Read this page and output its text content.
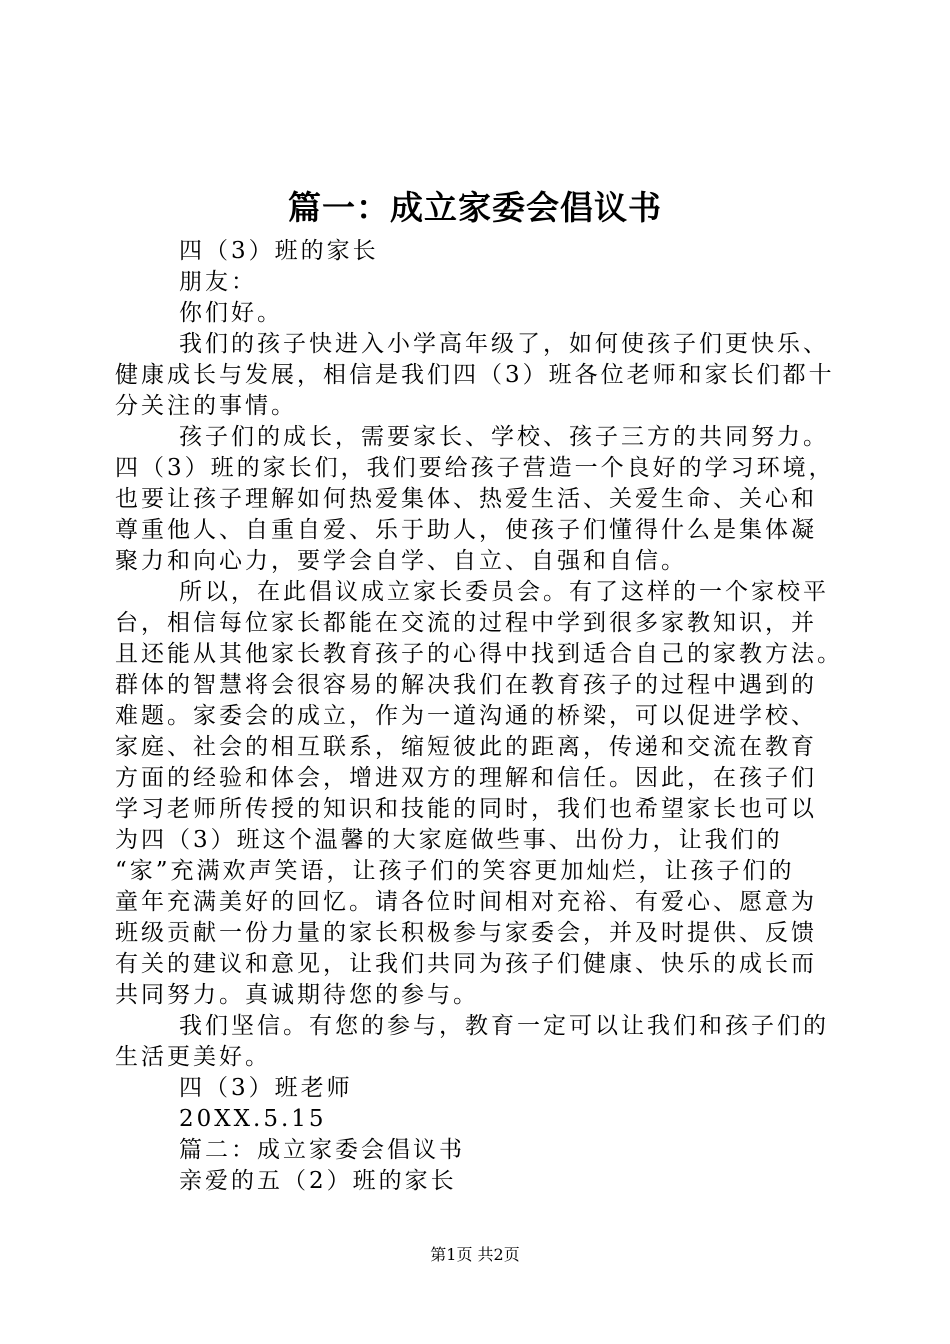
篇一：成立家委会倡议书
四（3）班的家长
朋友：
你们好。
我们的孩子快进入小学高年级了，如何使孩子们更快乐、
健康成长与发展，相信是我们四（3）班各位老师和家长们都十
分关注的事情。
孩子们的成长，需要家长、学校、孩子三方的共同努力。
四（3）班的家长们，我们要给孩子营造一个良好的学习环境，
也要让孩子理解如何热爱集体、热爱生活、关爱生命、关心和
尊重他人、自重自爱、乐于助人，使孩子们懂得什么是集体凝
聚力和向心力，要学会自学、自立、自强和自信。
所以，在此倡议成立家长委员会。有了这样的一个家校平
台，相信每位家长都能在交流的过程中学到很多家教知识，并
且还能从其他家长教育孩子的心得中找到适合自己的家教方法。
群体的智慧将会很容易的解决我们在教育孩子的过程中遇到的
难题。家委会的成立，作为一道沟通的桥梁，可以促进学校、
家庭、社会的相互联系，缩短彼此的距离，传递和交流在教育
方面的经验和体会，增进双方的理解和信任。因此，在孩子们
学习老师所传授的知识和技能的同时，我们也希望家长也可以
为四（3）班这个温馨的大家庭做些事、出份力，让我们的
“家”充满欢声笑语，让孩子们的笑容更加灿烂，让孩子们的
童年充满美好的回忆。请各位时间相对充裕、有爱心、愿意为
班级贡献一份力量的家长积极参与家委会，并及时提供、反馈
有关的建议和意见，让我们共同为孩子们健康、快乐的成长而
共同努力。真诚期待您的参与。
我们坚信。有您的参与，教育一定可以让我们和孩子们的
生活更美好。
四（3）班老师
20XX.5.15
篇二：成立家委会倡议书
亲爱的五（2）班的家长
第1页 共2页
